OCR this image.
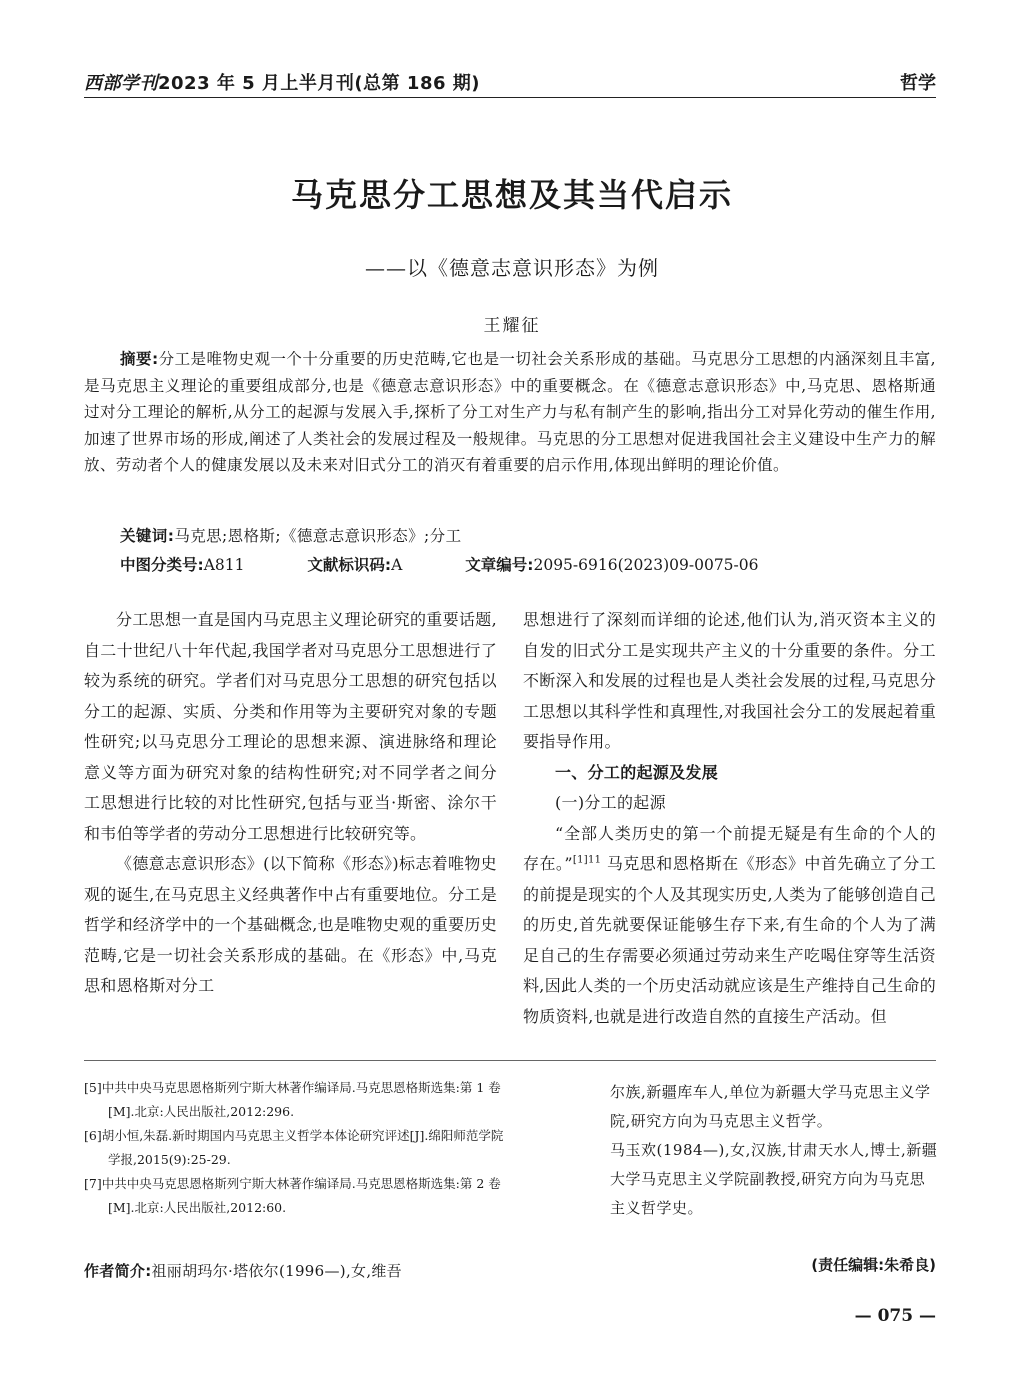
西部学刊2023 年 5 月上半月刊(总第 186 期)	哲学
马克思分工思想及其当代启示
——以《德意志意识形态》为例
王耀征
摘要:分工是唯物史观一个十分重要的历史范畴,它也是一切社会关系形成的基础。马克思分工思想的内涵深刻且丰富,是马克思主义理论的重要组成部分,也是《德意志意识形态》中的重要概念。在《德意志意识形态》中,马克思、恩格斯通过对分工理论的解析,从分工的起源与发展入手,探析了分工对生产力与私有制产生的影响,指出分工对异化劳动的催生作用,加速了世界市场的形成,阐述了人类社会的发展过程及一般规律。马克思的分工思想对促进我国社会主义建设中生产力的解放、劳动者个人的健康发展以及未来对旧式分工的消灭有着重要的启示作用,体现出鲜明的理论价值。
关键词:马克思;恩格斯;《德意志意识形态》;分工
中图分类号:A811	文献标识码:A	文章编号:2095-6916(2023)09-0075-06

分工思想一直是国内马克思主义理论研究的重要话题,自二十世纪八十年代起,我国学者对马克思分工思想进行了较为系统的研究。学者们对马克思分工思想的研究包括以分工的起源、实质、分类和作用等为主要研究对象的专题性研究;以马克思分工理论的思想来源、演进脉络和理论意义等方面为研究对象的结构性研究;对不同学者之间分工思想进行比较的对比性研究,包括与亚当·斯密、涂尔干和韦伯等学者的劳动分工思想进行比较研究等。

《德意志意识形态》(以下简称《形态》)标志着唯物史观的诞生,在马克思主义经典著作中占有重要地位。分工是哲学和经济学中的一个基础概念,也是唯物史观的重要历史范畴,它是一切社会关系形成的基础。在《形态》中,马克思和恩格斯对分工

思想进行了深刻而详细的论述,他们认为,消灭资本主义的自发的旧式分工是实现共产主义的十分重要的条件。分工不断深入和发展的过程也是人类社会发展的过程,马克思分工思想以其科学性和真理性,对我国社会分工的发展起着重要指导作用。

一、分工的起源及发展

(一)分工的起源

“全部人类历史的第一个前提无疑是有生命的个人的存在。”$^{[1]11}$ 马克思和恩格斯在《形态》中首先确立了分工的前提是现实的个人及其现实历史,人类为了能够创造自己的历史,首先就要保证能够生存下来,有生命的个人为了满足自己的生存需要必须通过劳动来生产吃喝住穿等生活资料,因此人类的一个历史活动就应该是生产维持自己生命的物质资料,也就是进行改造自然的直接生产活动。但

[5]中共中央马克思恩格斯列宁斯大林著作编译局.马克思恩格斯选集:第 1 卷[M].北京:人民出版社,2012:296.
[6]胡小恒,朱磊.新时期国内马克思主义哲学本体论研究评述[J].绵阳师范学院学报,2015(9):25-29.
[7]中共中央马克思恩格斯列宁斯大林著作编译局.马克思恩格斯选集:第 2 卷[M].北京:人民出版社,2012:60.
作者简介:祖丽胡玛尔·塔依尔(1996—),女,维吾

尔族,新疆库车人,单位为新疆大学马克思主义学院,研究方向为马克思主义哲学。

马玉欢(1984—),女,汉族,甘肃天水人,博士,新疆大学马克思主义学院副教授,研究方向为马克思主义哲学史。

(责任编辑:朱希良)
— 075 —
